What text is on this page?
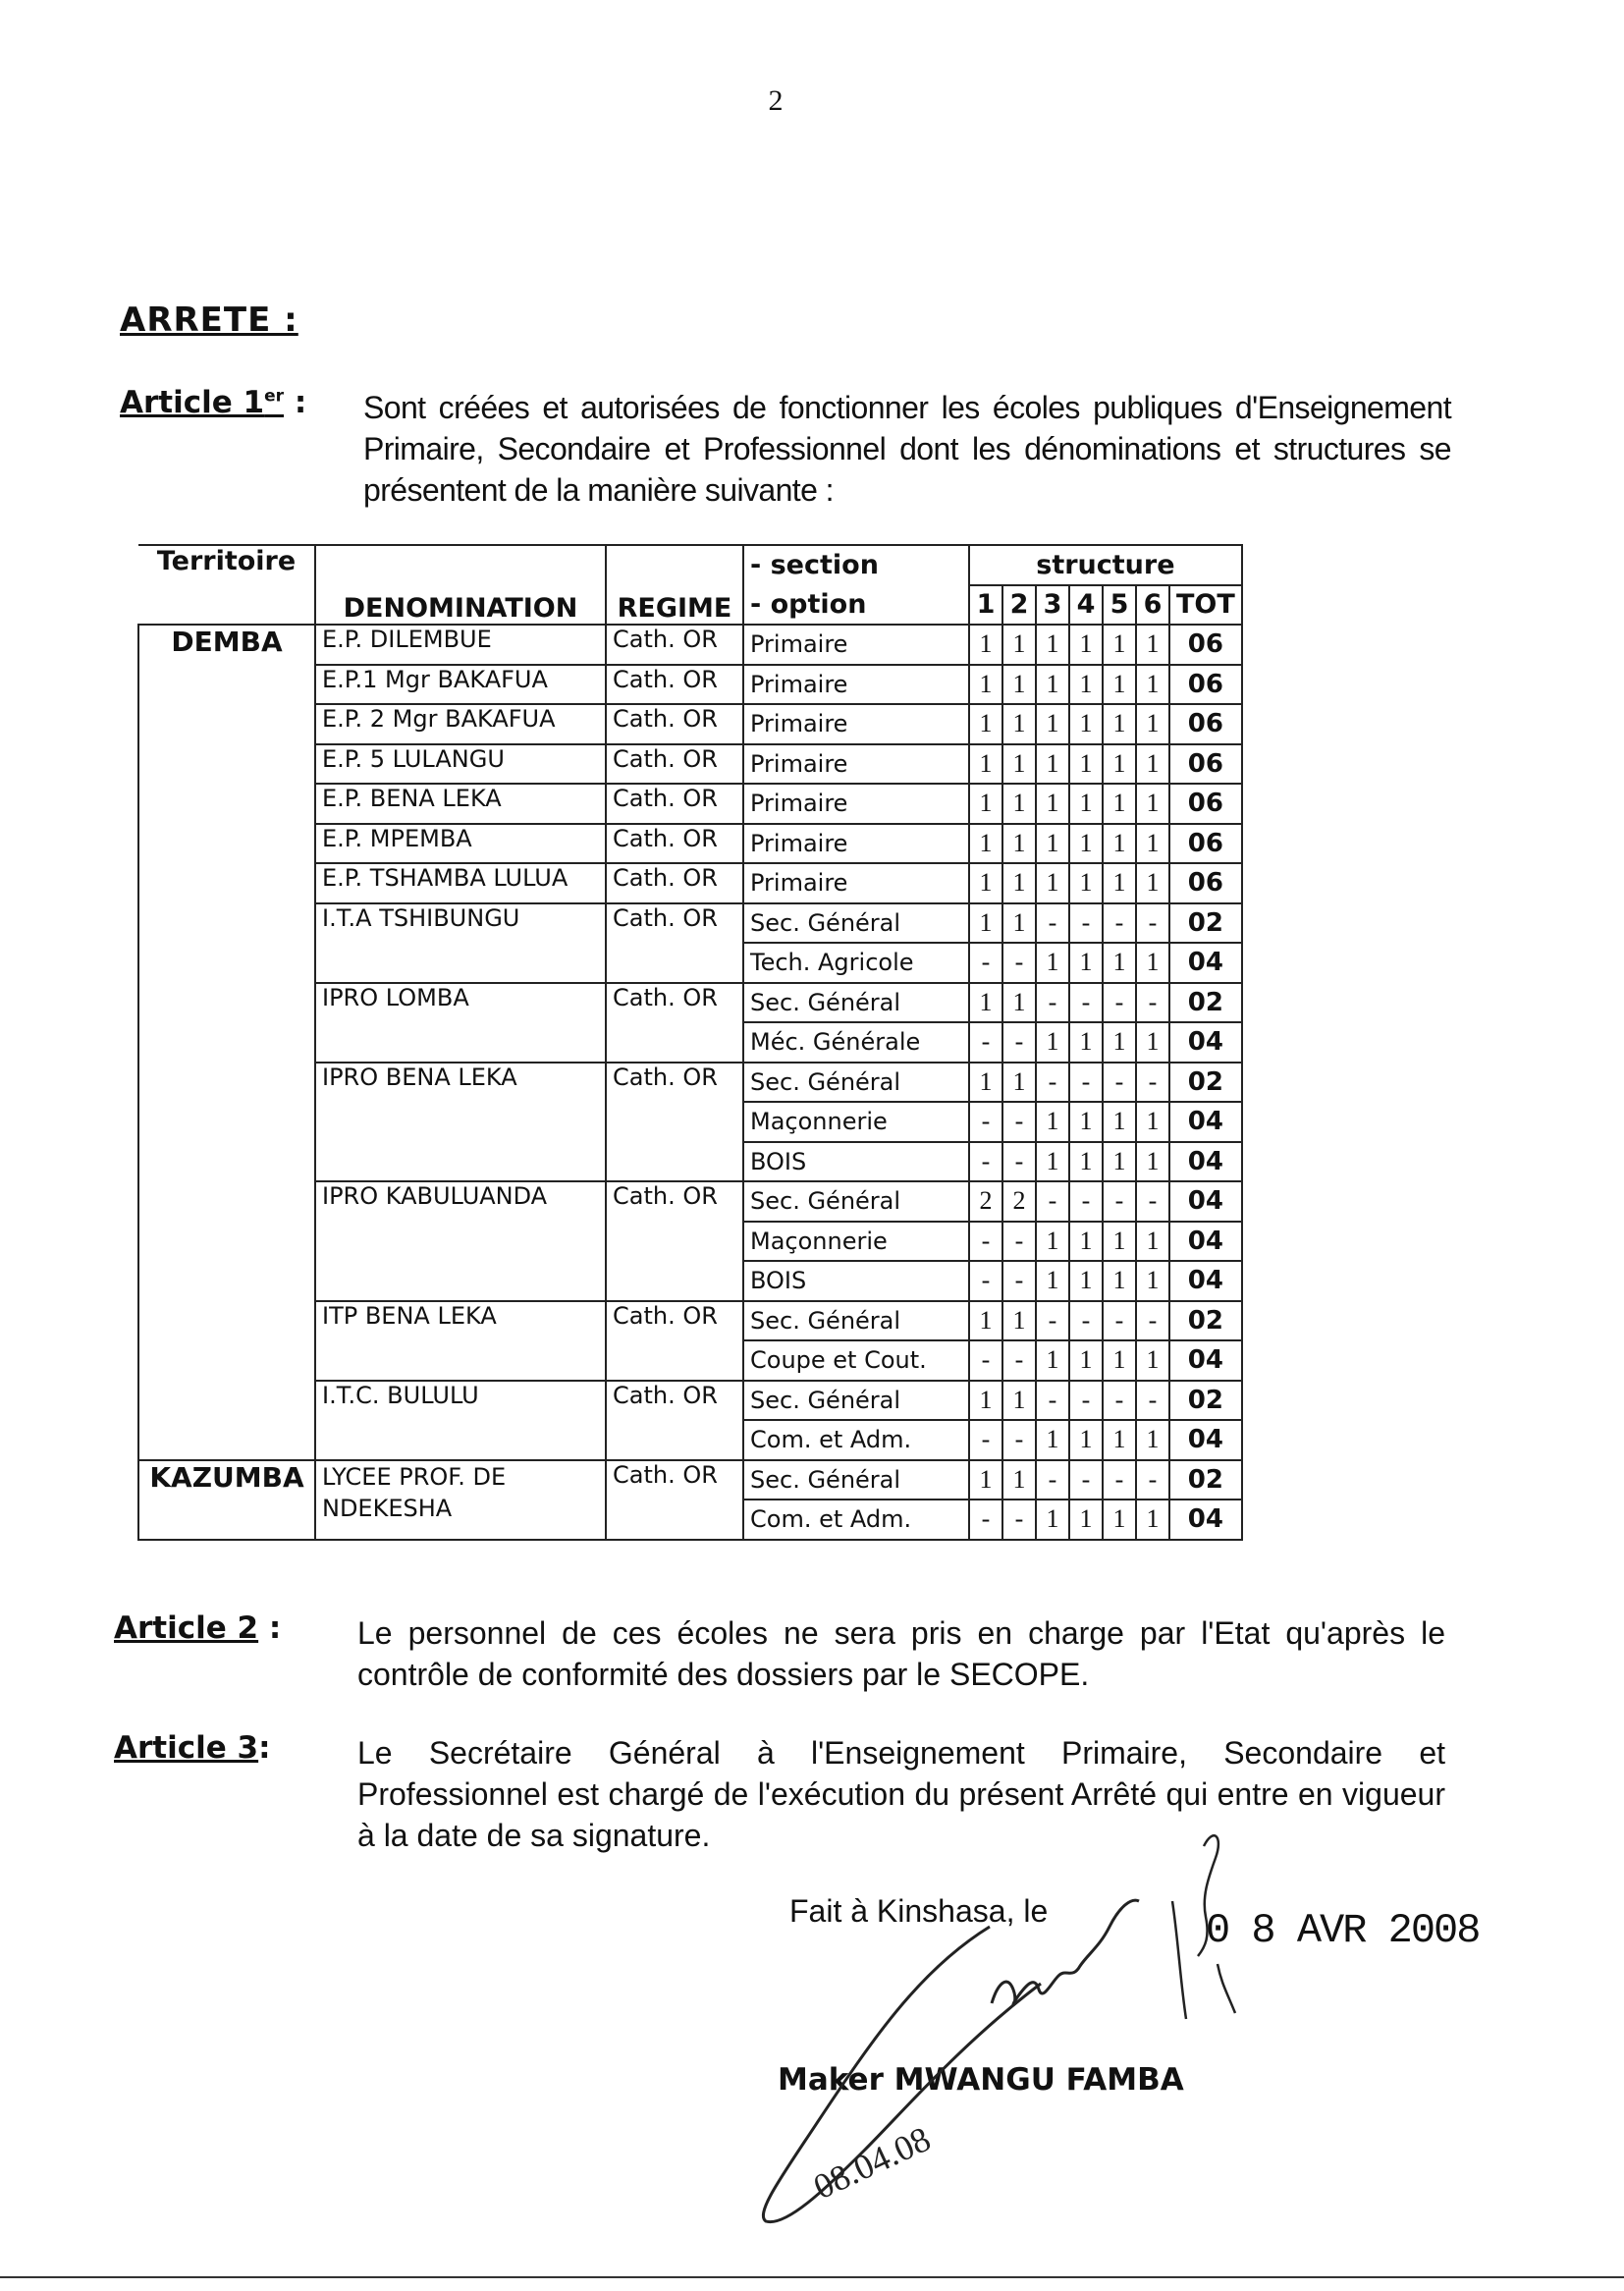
2
ARRETE :
Article 1er : Sont créées et autorisées de fonctionner les écoles publiques d'Enseignement Primaire, Secondaire et Professionnel dont les dénominations et structures se présentent de la manière suivante :
Territoire	DENOMINATION	REGIME	- section	structure						
			- option	1	2	3	4	5	6	TOT
DEMBA	E.P. DILEMBUE	Cath. OR	Primaire	1	1	1	1	1	1	06
	E.P.1 Mgr BAKAFUA	Cath. OR	Primaire	1	1	1	1	1	1	06
	E.P. 2 Mgr BAKAFUA	Cath. OR	Primaire	1	1	1	1	1	1	06
	E.P. 5 LULANGU	Cath. OR	Primaire	1	1	1	1	1	1	06
	E.P. BENA LEKA	Cath. OR	Primaire	1	1	1	1	1	1	06
	E.P. MPEMBA	Cath. OR	Primaire	1	1	1	1	1	1	06
	E.P. TSHAMBA LULUA	Cath. OR	Primaire	1	1	1	1	1	1	06
	I.T.A TSHIBUNGU	Cath. OR	Sec. Général	1	1	-	-	-	-	02
			Tech. Agricole	-	-	1	1	1	1	04
	IPRO LOMBA	Cath. OR	Sec. Général	1	1	-	-	-	-	02
			Méc. Générale	-	-	1	1	1	1	04
	IPRO BENA LEKA	Cath. OR	Sec. Général	1	1	-	-	-	-	02
			Maçonnerie	-	-	1	1	1	1	04
			BOIS	-	-	1	1	1	1	04
	IPRO KABULUANDA	Cath. OR	Sec. Général	2	2	-	-	-	-	04
			Maçonnerie	-	-	1	1	1	1	04
			BOIS	-	-	1	1	1	1	04
	ITP BENA LEKA	Cath. OR	Sec. Général	1	1	-	-	-	-	02
			Coupe et Cout.	-	-	1	1	1	1	04
	I.T.C. BULULU	Cath. OR	Sec. Général	1	1	-	-	-	-	02
			Com. et Adm.	-	-	1	1	1	1	04
KAZUMBA	LYCEE PROF. DE NDEKESHA	Cath. OR	Sec. Général	1	1	-	-	-	-	02
			Com. et Adm.	-	-	1	1	1	1	04
Article 2 : Le personnel de ces écoles ne sera pris en charge par l'Etat qu'après le contrôle de conformité des dossiers par le SECOPE.
Article 3:	Le Secrétaire Général à l'Enseignement Primaire, Secondaire et Professionnel est chargé de l'exécution du présent Arrêté qui entre en vigueur à la date de sa signature.
Fait à Kinshasa, le	0 8 AVR 2008
Maker MWANGU FAMBA
08.04.08
